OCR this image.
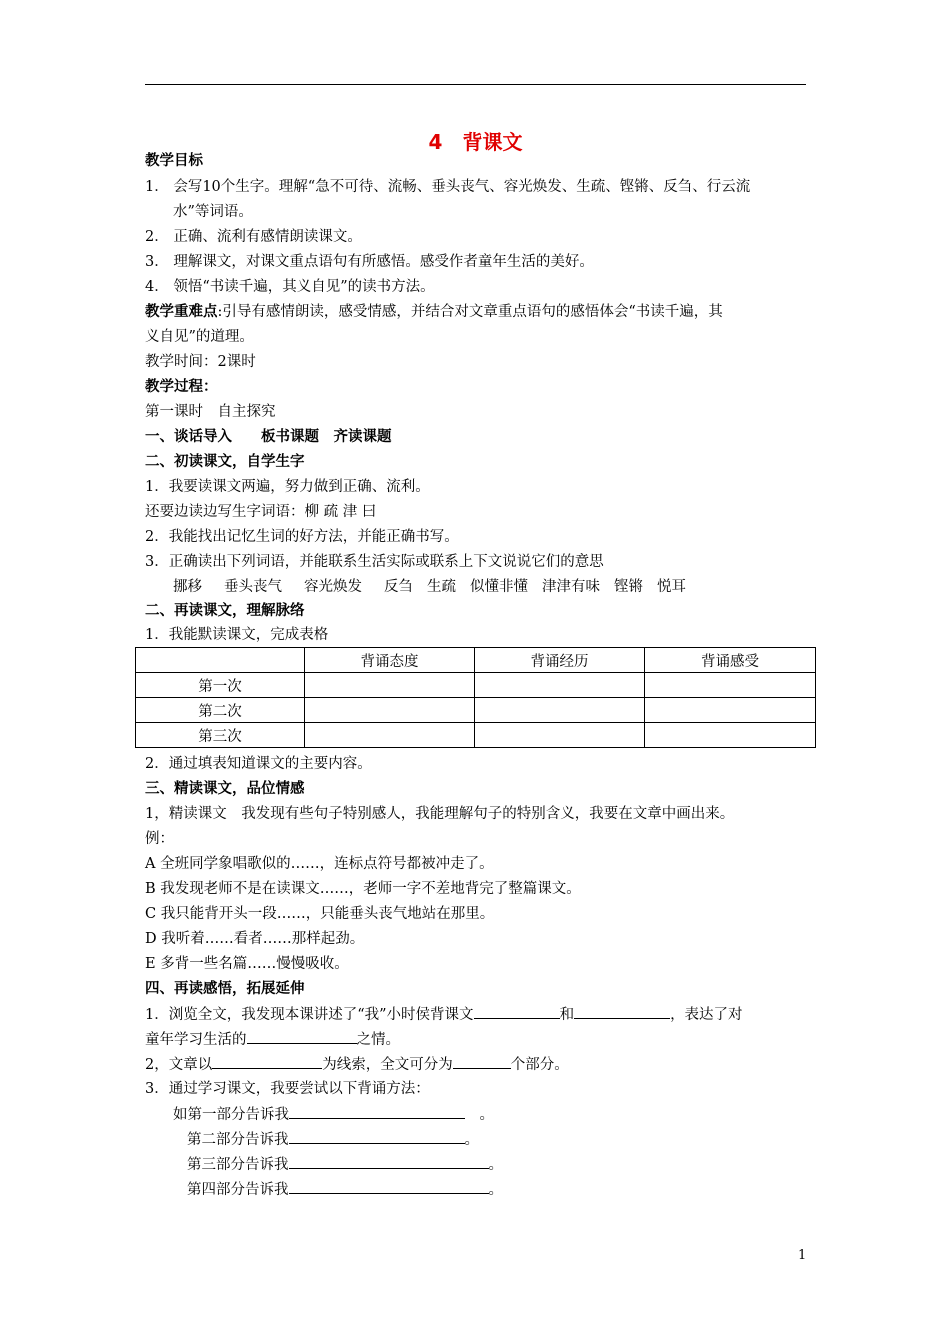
4 背课文
教学目标
1． 会写10个生字。理解“急不可待、流畅、垂头丧气、容光焕发、生疏、铿锵、反刍、行云流
水”等词语。
2． 正确、流利有感情朗读课文。
3． 理解课文，对课文重点语句有所感悟。感受作者童年生活的美好。
4． 领悟“书读千遍，其义自见”的读书方法。
教学重难点:引导有感情朗读，感受情感，并结合对文章重点语句的感悟体会“书读千遍，其
义自见”的道理。
教学时间：2课时
教学过程：
第一课时　自主探究
一、谈话导入　　板书课题　齐读课题
二、初读课文，自学生字
1．我要读课文两遍，努力做到正确、流利。
还要边读边写生字词语：柳 疏 津 曰
2．我能找出记忆生词的好方法，并能正确书写。
3．正确读出下列词语，并能联系生活实际或联系上下文说说它们的意思
挪移 垂头丧气 容光焕发 反刍 生疏 似懂非懂 津津有味 铿锵 悦耳
二、再读课文，理解脉络
1．我能默读课文，完成表格
	背诵态度	背诵经历	背诵感受
第一次			
第二次			
第三次			
2．通过填表知道课文的主要内容。
三、精读课文，品位情感
1，精读课文　我发现有些句子特别感人，我能理解句子的特别含义，我要在文章中画出来。
例：
A 全班同学象唱歌似的……，连标点符号都被冲走了。
B 我发现老师不是在读课文……，老师一字不差地背完了整篇课文。
C 我只能背开头一段……，只能垂头丧气地站在那里。
D 我听着……看者……那样起劲。
E 多背一些名篇……慢慢吸收。
四、再读感悟，拓展延伸
1．浏览全文，我发现本课讲述了“我”小时侯背课文	和	，表达了对
童年学习生活的	之情。
2，文章以	为线索，全文可分为	个部分。
3．通过学习课文，我要尝试以下背诵方法：
如第一部分告诉我	　。
第二部分告诉我	。
第三部分告诉我	。
第四部分告诉我	。
1
